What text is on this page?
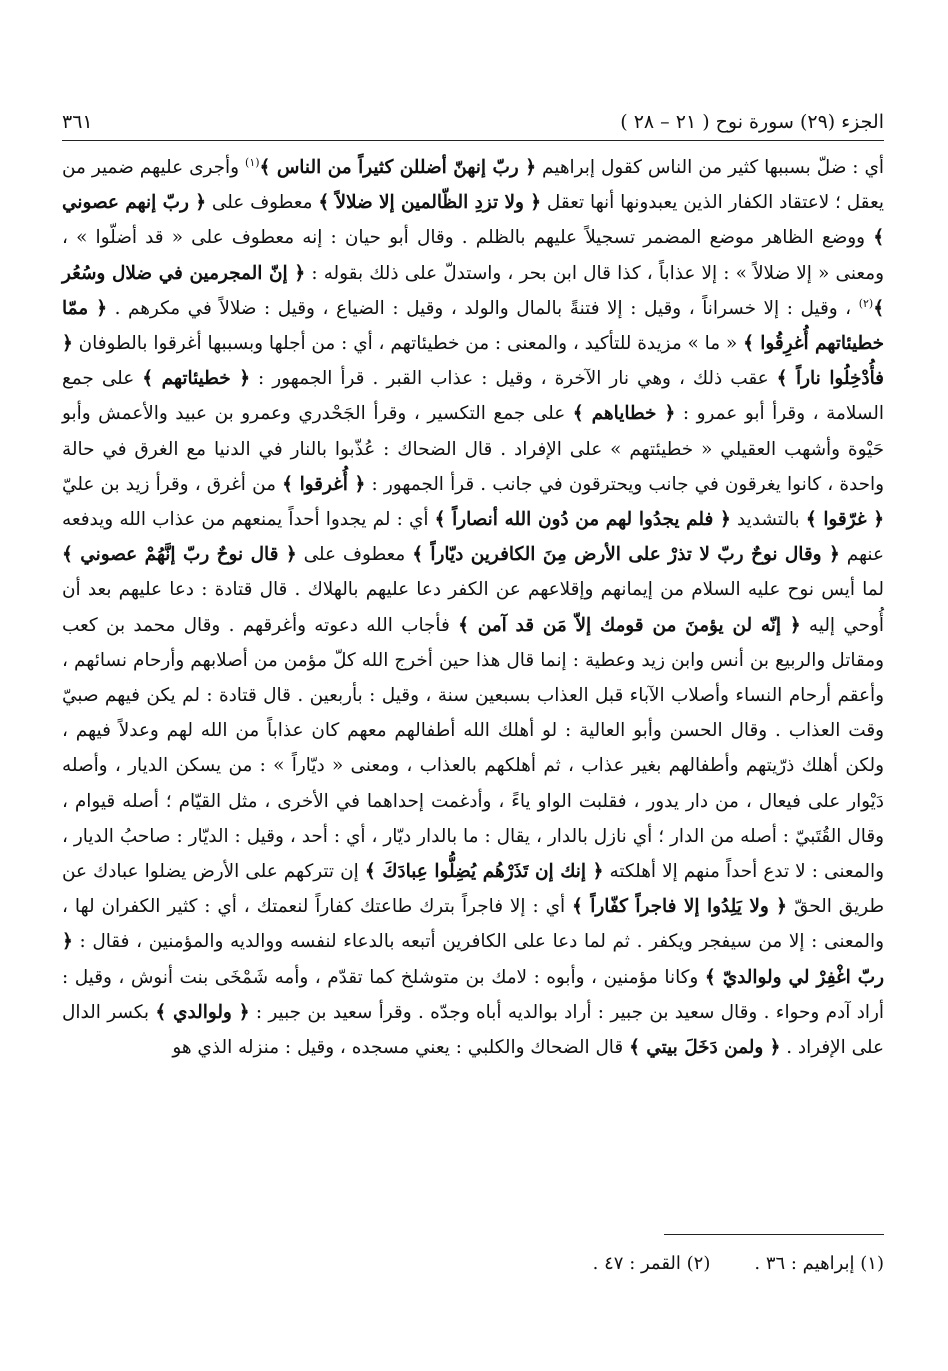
الجزء (٢٩) سورة نوح ( ٢١ – ٢٨ )
٣٦١
أي : ضلّ بسببها كثير من الناس كقول إبراهيم ﴿ ربّ إنهنّ أضللن كثيراً من الناس ﴾$^{(١)}$ وأجرى عليهم ضمير من يعقل ؛ لاعتقاد الكفار الذين يعبدونها أنها تعقل ﴿ ولا تزدِ الظّالمين إلا ضلالاً ﴾ معطوف على ﴿ ربّ إنهم عصوني ﴾ ووضع الظاهر موضع المضمر تسجيلاً عليهم بالظلم . وقال أبو حيان : إنه معطوف على « قد أضلّوا » ، ومعنى « إلا ضلالاً » : إلا عذاباً ، كذا قال ابن بحر ، واستدلّ على ذلك بقوله : ﴿ إنّ المجرمين في ضلال وسُعُر ﴾$^{(٢)}$ ، وقيل : إلا خسراناً ، وقيل : إلا فتنةً بالمال والولد ، وقيل : الضياع ، وقيل : ضلالاً في مكرهم . ﴿ ممّا خطيئاتهم أُغرِقُوا ﴾ « ما » مزيدة للتأكيد ، والمعنى : من خطيئاتهم ، أي : من أجلها وبسببها أغرقوا بالطوفان ﴿ فأُدْخِلُوا ناراً ﴾ عقب ذلك ، وهي نار الآخرة ، وقيل : عذاب القبر . قرأ الجمهور : ﴿ خطيئاتهم ﴾ على جمع السلامة ، وقرأ أبو عمرو : ﴿ خطاياهم ﴾ على جمع التكسير ، وقرأ الجَحْدري وعمرو بن عبيد والأعمش وأبو حَيْوة وأشهب العقيلي « خطيئتهم » على الإفراد . قال الضحاك : عُذّبوا بالنار في الدنيا مع الغرق في حالة واحدة ، كانوا يغرقون في جانب ويحترقون في جانب . قرأ الجمهور : ﴿ أُغرقوا ﴾ من أغرق ، وقرأ زيد بن عليّ ﴿ غرّقوا ﴾ بالتشديد ﴿ فلم يجدُوا لهم من دُون الله أنصاراً ﴾ أي : لم يجدوا أحداً يمنعهم من عذاب الله ويدفعه عنهم ﴿ وقال نوحٌ ربّ لا تذرْ على الأرض مِنَ الكافرين ديّاراً ﴾ معطوف على ﴿ قال نوحٌ ربّ إنَّهُمْ عصوني ﴾ لما أيس نوح عليه السلام من إيمانهم وإقلاعهم عن الكفر دعا عليهم بالهلاك . قال قتادة : دعا عليهم بعد أن أُوحي إليه ﴿ إنّه لن يؤمنَ من قومك إلاّ مَن قد آمن ﴾ فأجاب الله دعوته وأغرقهم . وقال محمد بن كعب ومقاتل والربيع بن أنس وابن زيد وعطية : إنما قال هذا حين أخرج الله كلّ مؤمن من أصلابهم وأرحام نسائهم ، وأعقم أرحام النساء وأصلاب الآباء قبل العذاب بسبعين سنة ، وقيل : بأربعين . قال قتادة : لم يكن فيهم صبيّ وقت العذاب . وقال الحسن وأبو العالية : لو أهلك الله أطفالهم معهم كان عذاباً من الله لهم وعدلاً فيهم ، ولكن أهلك ذرّيتهم وأطفالهم بغير عذاب ، ثم أهلكهم بالعذاب ، ومعنى « ديّاراً » : من يسكن الديار ، وأصله دَيْوار على فيعال ، من دار يدور ، فقلبت الواو ياءً ، وأدغمت إحداهما في الأخرى ، مثل القيّام ؛ أصله قيوام ، وقال القُتَبيّ : أصله من الدار ؛ أي نازل بالدار ، يقال : ما بالدار ديّار ، أي : أحد ، وقيل : الديّار : صاحبُ الديار ، والمعنى : لا تدع أحداً منهم إلا أهلكته ﴿ إنك إن تَذَرْهُم يُضِلُّوا عِبادَكَ ﴾ إن تتركهم على الأرض يضلوا عبادك عن طريق الحقّ ﴿ ولا يَلِدُوا إلا فاجراً كفّاراً ﴾ أي : إلا فاجراً بترك طاعتك كفاراً لنعمتك ، أي : كثير الكفران لها ، والمعنى : إلا من سيفجر ويكفر . ثم لما دعا على الكافرين أتبعه بالدعاء لنفسه ووالديه والمؤمنين ، فقال : ﴿ ربّ اغْفِرْ لي ولوالديّ ﴾ وكانا مؤمنين ، وأبوه : لامك بن متوشلخ كما تقدّم ، وأمه شَمْخَى بنت أنوش ، وقيل : أراد آدم وحواء . وقال سعيد بن جبير : أراد بوالديه أباه وجدّه . وقرأ سعيد بن جبير : ﴿ ولوالدي ﴾ بكسر الدال على الإفراد . ﴿ ولمن دَخَلَ بيتي ﴾ قال الضحاك والكلبي : يعني مسجده ، وقيل : منزله الذي هو
(١) إبراهيم : ٣٦ .
(٢) القمر : ٤٧ .
